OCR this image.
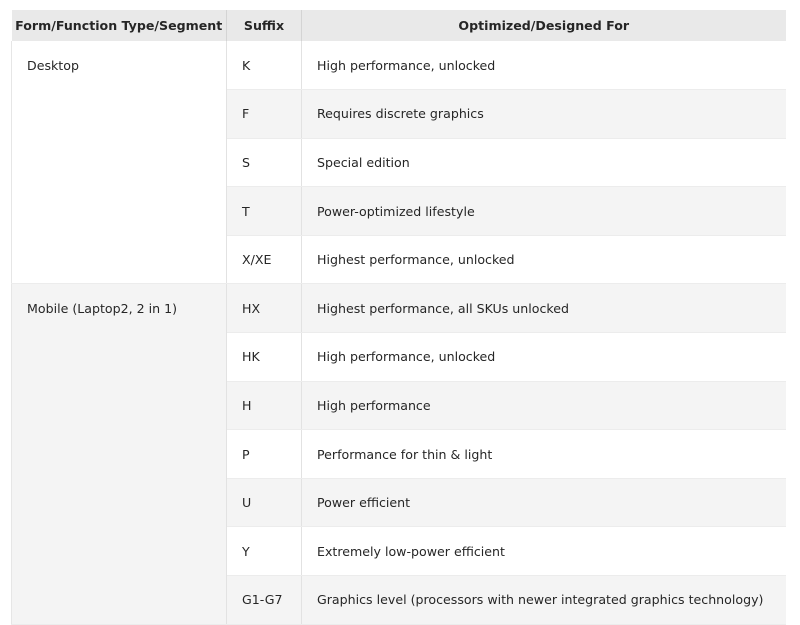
Form/Function Type/Segment	Suffix	Optimized/Designed For
Desktop	K	High performance, unlocked
	F	Requires discrete graphics
	S	Special edition
	T	Power-optimized lifestyle
	X/XE	Highest performance, unlocked
Mobile (Laptop2, 2 in 1)	HX	Highest performance, all SKUs unlocked
	HK	High performance, unlocked
	H	High performance
	P	Performance for thin & light
	U	Power efficient
	Y	Extremely low-power efficient
	G1-G7	Graphics level (processors with newer integrated graphics technology)
